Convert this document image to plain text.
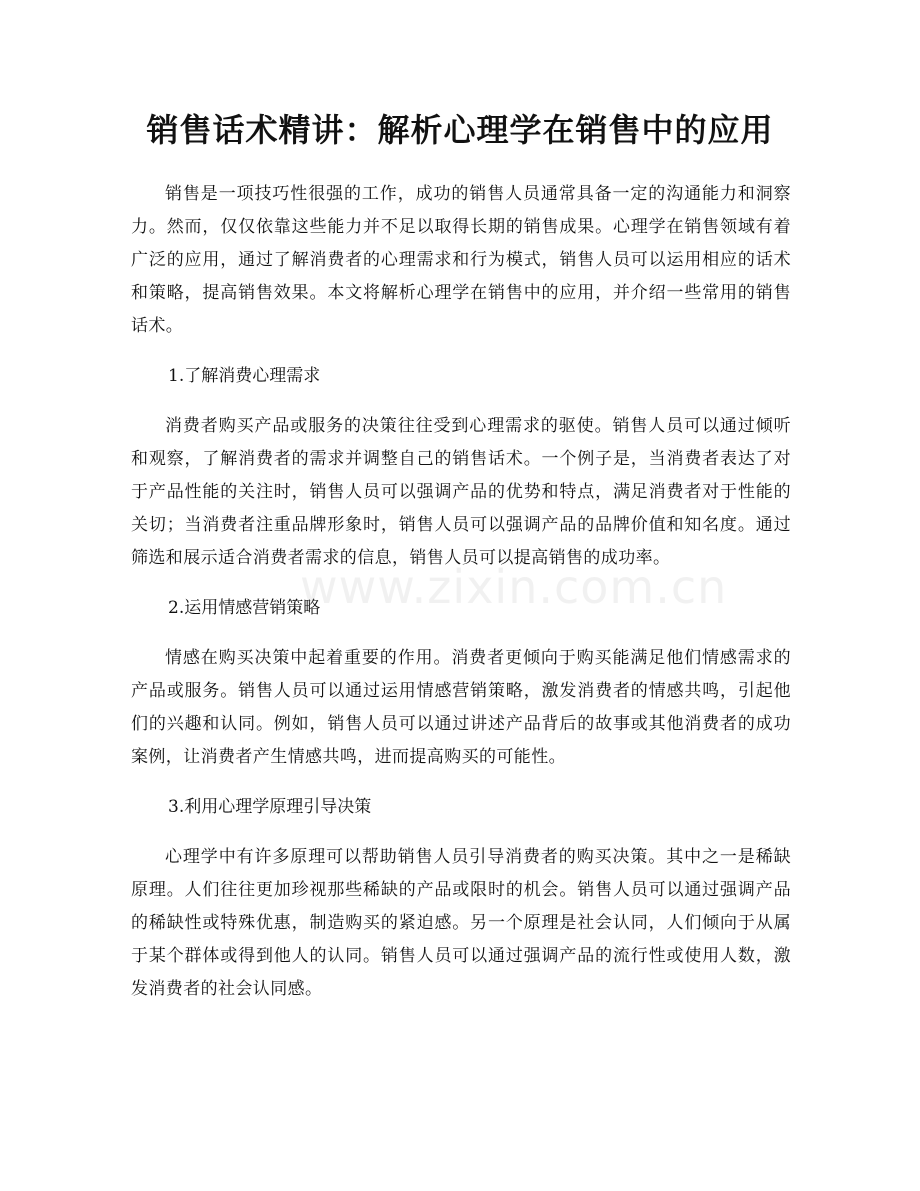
销售话术精讲：解析心理学在销售中的应用

销售是一项技巧性很强的工作，成功的销售人员通常具备一定的沟通能力和洞察力。然而，仅仅依靠这些能力并不足以取得长期的销售成果。心理学在销售领域有着广泛的应用，通过了解消费者的心理需求和行为模式，销售人员可以运用相应的话术和策略，提高销售效果。本文将解析心理学在销售中的应用，并介绍一些常用的销售话术。

1.了解消费心理需求

消费者购买产品或服务的决策往往受到心理需求的驱使。销售人员可以通过倾听和观察，了解消费者的需求并调整自己的销售话术。一个例子是，当消费者表达了对于产品性能的关注时，销售人员可以强调产品的优势和特点，满足消费者对于性能的关切；当消费者注重品牌形象时，销售人员可以强调产品的品牌价值和知名度。通过筛选和展示适合消费者需求的信息，销售人员可以提高销售的成功率。

2.运用情感营销策略

情感在购买决策中起着重要的作用。消费者更倾向于购买能满足他们情感需求的产品或服务。销售人员可以通过运用情感营销策略，激发消费者的情感共鸣，引起他们的兴趣和认同。例如，销售人员可以通过讲述产品背后的故事或其他消费者的成功案例，让消费者产生情感共鸣，进而提高购买的可能性。

3.利用心理学原理引导决策

心理学中有许多原理可以帮助销售人员引导消费者的购买决策。其中之一是稀缺原理。人们往往更加珍视那些稀缺的产品或限时的机会。销售人员可以通过强调产品的稀缺性或特殊优惠，制造购买的紧迫感。另一个原理是社会认同，人们倾向于从属于某个群体或得到他人的认同。销售人员可以通过强调产品的流行性或使用人数，激发消费者的社会认同感。

www.zixin.com.cn
